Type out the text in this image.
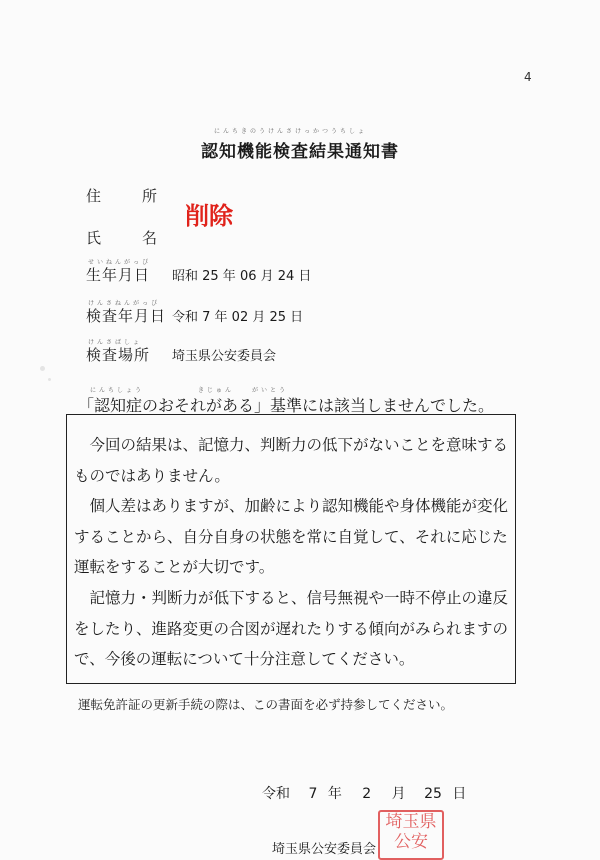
4
にんちきのうけんさけっかつうちしょ
認知機能検査結果通知書
住	所
氏	名
削除
せいねんがっぴ
生年月日	昭和 25 年 06 月 24 日
けんさねんがっぴ
検査年月日 令和 7 年 02 月 25 日
けんさばしょ
検査場所	埼玉県公安委員会
にんちしょう　　　　　　きじゅん　　がいとう
「認知症のおそれがある」基準には該当しませんでした。
今回の結果は、記憶力、判断力の低下がないことを意味するものではありません。
個人差はありますが、加齢により認知機能や身体機能が変化することから、自分自身の状態を常に自覚して、それに応じた運転をすることが大切です。
記憶力・判断力が低下すると、信号無視や一時不停止の違反をしたり、進路変更の合図が遅れたりする傾向がみられますので、今後の運転について十分注意してください。
運転免許証の更新手続の際は、この書面を必ず持参してください。
令和 7 年 2 月 25 日
埼玉県公安委員会
埼玉県公安
